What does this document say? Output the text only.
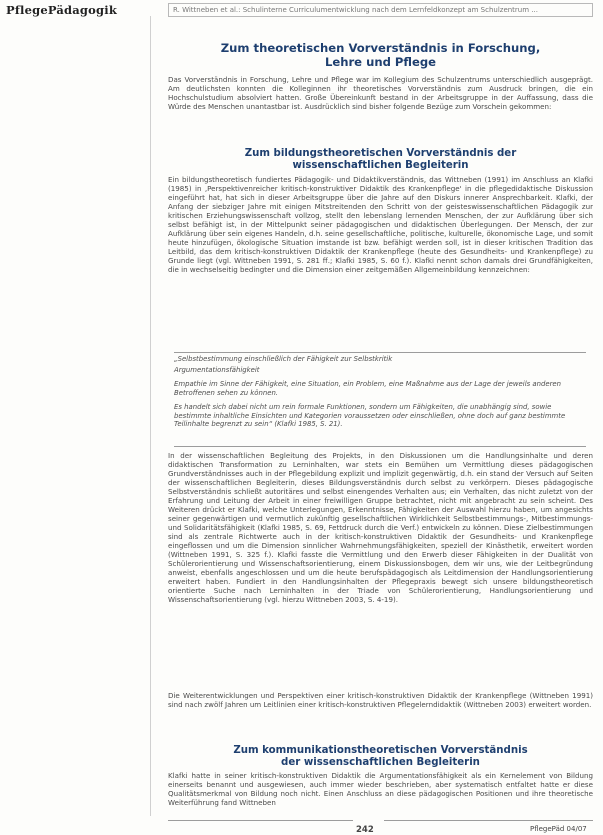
PflegePädagogik	R. Wittneben et al.: Schulinterne Curriculumentwicklung nach dem Lernfeldkonzept am Schulzentrum ...
Zum theoretischen Vorverständnis in Forschung,
Lehre und Pflege

Das Vorverständnis in Forschung, Lehre und Pflege war im Kollegium des Schulzentrums unterschiedlich ausgeprägt. Am deutlichsten konnten die Kolleginnen ihr theoretisches Vorverständnis zum Ausdruck bringen, die ein Hochschulstudium absolviert hatten. Große Übereinkunft bestand in der Arbeitsgruppe in der Auffassung, dass die Würde des Menschen unantastbar ist. Ausdrücklich sind bisher folgende Bezüge zum Vorschein gekommen:

Zum bildungstheoretischen Vorverständnis der
wissenschaftlichen Begleiterin

Ein bildungstheoretisch fundiertes Pädagogik- und Didaktikverständnis, das Wittneben (1991) im Anschluss an Klafki (1985) in ‚Perspektivenreicher kritisch-konstruktiver Didaktik des Krankenpflege' in die pflegedidaktische Diskussion eingeführt hat, hat sich in dieser Arbeitsgruppe über die Jahre auf den Diskurs innerer Ansprechbarkeit. Klafki, der Anfang der siebziger Jahre mit einigen Mitstreitenden den Schritt von der geisteswissenschaftlichen Pädagogik zur kritischen Erziehungswissenschaft vollzog, stellt den lebenslang lernenden Menschen, der zur Aufklärung über sich selbst befähigt ist, in der Mittelpunkt seiner pädagogischen und didaktischen Überlegungen. Der Mensch, der zur Aufklärung über sein eigenes Handeln, d.h. seine gesellschaftliche, politische, kulturelle, ökonomische Lage, und somit heute hinzufügen, ökologische Situation imstande ist bzw. befähigt werden soll, ist in dieser kritischen Tradition das Leitbild, das dem kritisch-konstruktiven Didaktik der Krankenpflege (heute des Gesundheits- und Krankenpflege) zu Grunde liegt (vgl. Wittneben 1991, S. 281 ff.; Klafki 1985, S. 60 f.). Klafki nennt schon damals drei Grundfähigkeiten, die in wechselseitig bedingter und die Dimension einer zeitgemäßen Allgemeinbildung kennzeichnen:

„Selbstbestimmung einschließlich der Fähigkeit zur Selbstkritik

Argumentationsfähigkeit

Empathie im Sinne der Fähigkeit, eine Situation, ein Problem, eine Maßnahme aus der Lage der jeweils anderen Betroffenen sehen zu können.

Es handelt sich dabei nicht um rein formale Funktionen, sondern um Fähigkeiten, die unabhängig sind, sowie bestimmte inhaltliche Einsichten und Kategorien voraussetzen oder einschließen, ohne doch auf ganz bestimmte Teilinhalte begrenzt zu sein“ (Klafki 1985, S. 21).

In der wissenschaftlichen Begleitung des Projekts, in den Diskussionen um die Handlungsinhalte und deren didaktischen Transformation zu Lerninhalten, war stets ein Bemühen um Vermittlung dieses pädagogischen Grundverständnisses auch in der Pflegebildung explizit und implizit gegenwärtig, d.h. ein stand der Versuch auf Seiten der wissenschaftlichen Begleiterin, dieses Bildungsverständnis durch selbst zu verkörpern. Dieses pädagogische Selbstverständnis schließt autoritäres und selbst einengendes Verhalten aus; ein Verhalten, das nicht zuletzt von der Erfahrung und Leitung der Arbeit in einer freiwilligen Gruppe betrachtet, nicht mit angebracht zu sein scheint. Des Weiteren drückt er Klafki, welche Unterlegungen, Erkenntnisse, Fähigkeiten der Auswahl hierzu haben, um angesichts seiner gegenwärtigen und vermutlich zukünftig gesellschaftlichen Wirklichkeit Selbstbestimmungs-, Mitbestimmungs- und Solidaritätsfähigkeit (Klafki 1985, S. 69, Fettdruck durch die Verf.) entwickeln zu können. Diese Zielbestimmungen sind als zentrale Richtwerte auch in der kritisch-konstruktiven Didaktik der Gesundheits- und Krankenpflege eingeflossen und um die Dimension sinnlicher Wahrnehmungsfähigkeiten, speziell der Kinästhetik, erweitert worden (Wittneben 1991, S. 325 f.). Klafki fasste die Vermittlung und den Erwerb dieser Fähigkeiten in der Dualität von Schülerorientierung und Wissenschaftsorientierung, einem Diskussionsbogen, dem wir uns, wie der Leitbegründung anweist, ebenfalls angeschlossen und um die heute berufspädagogisch als Leitdimension der Handlungsorientierung erweitert haben. Fundiert in den Handlungsinhalten der Pflegepraxis bewegt sich unsere bildungstheoretisch orientierte Suche nach Lerninhalten in der Triade von Schülerorientierung, Handlungsorientierung und Wissenschaftsorientierung (vgl. hierzu Wittneben 2003, S. 4-19).

Die Weiterentwicklungen und Perspektiven einer kritisch-konstruktiven Didaktik der Krankenpflege (Wittneben 1991) sind nach zwölf Jahren um Leitlinien einer kritisch-konstruktiven Pflegelerndidaktik (Wittneben 2003) erweitert worden.

Zum kommunikationstheoretischen Vorverständnis
der wissenschaftlichen Begleiterin

Klafki hatte in seiner kritisch-konstruktiven Didaktik die Argumentationsfähigkeit als ein Kernelement von Bildung einerseits benannt und ausgewiesen, auch immer wieder beschrieben, aber systematisch entfaltet hatte er diese Qualitätsmerkmal von Bildung noch nicht. Einen Anschluss an diese pädagogischen Positionen und ihre theoretische Weiterführung fand Wittneben

242	PflegePäd 04/07
